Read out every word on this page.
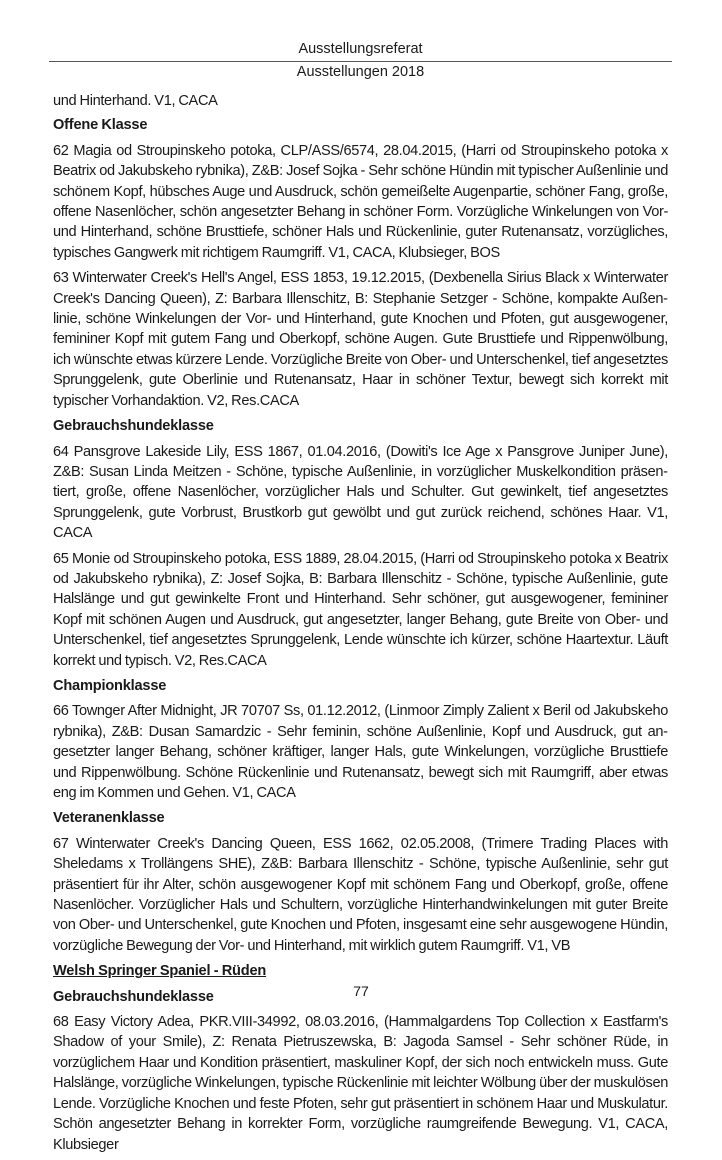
Ausstellungsreferat
Ausstellungen 2018

und Hinterhand. V1, CACA

Offene Klasse

62 Magia od Stroupinskeho potoka, CLP/ASS/6574, 28.04.2015, (Harri od Stroupinskeho potoka x Beatrix od Jakubskeho rybnika), Z&B: Josef Sojka - Sehr schöne Hündin mit typischer Außenlinie und schönem Kopf, hübsches Auge und Ausdruck, schön gemeißelte Augenpartie, schöner Fang, große, offene Nasenlöcher, schön angesetzter Behang in schöner Form. Vorzügliche Winkelungen von Vor- und Hinterhand, schöne Brusttiefe, schöner Hals und Rückenlinie, guter Rutenansatz, vorzügliches, typisches Gangwerk mit richtigem Raumgriff. V1, CACA, Klubsieger, BOS

63 Winterwater Creek's Hell's Angel, ESS 1853, 19.12.2015, (Dexbenella Sirius Black x Winterwater Creek's Dancing Queen), Z: Barbara Illenschitz, B: Stephanie Setzger - Schöne, kompakte Außenlinie, schöne Winkelungen der Vor- und Hinterhand, gute Knochen und Pfoten, gut ausgewogener, femininer Kopf mit gutem Fang und Oberkopf, schöne Augen. Gute Brusttiefe und Rippenwölbung, ich wünschte etwas kürzere Lende. Vorzügliche Breite von Ober- und Unterschenkel, tief angesetztes Sprunggelenk, gute Oberlinie und Rutenansatz, Haar in schöner Textur, bewegt sich korrekt mit typischer Vorhandaktion. V2, Res.CACA

Gebrauchshundeklasse

64 Pansgrove Lakeside Lily, ESS 1867, 01.04.2016, (Dowiti's Ice Age x Pansgrove Juniper June), Z&B: Susan Linda Meitzen - Schöne, typische Außenlinie, in vorzüglicher Muskelkondition präsentiert, große, offene Nasenlöcher, vorzüglicher Hals und Schulter. Gut gewinkelt, tief angesetztes Sprunggelenk, gute Vorbrust, Brustkorb gut gewölbt und gut zurück reichend, schönes Haar. V1, CACA

65 Monie od Stroupinskeho potoka, ESS 1889, 28.04.2015, (Harri od Stroupinskeho potoka x Beatrix od Jakubskeho rybnika), Z: Josef Sojka, B: Barbara Illenschitz - Schöne, typische Außenlinie, gute Halslänge und gut gewinkelte Front und Hinterhand. Sehr schöner, gut ausgewogener, femininer Kopf mit schönen Augen und Ausdruck, gut angesetzter, langer Behang, gute Breite von Ober- und Unterschenkel, tief angesetztes Sprunggelenk, Lende wünschte ich kürzer, schöne Haartextur. Läuft korrekt und typisch. V2, Res.CACA

Championklasse

66 Townger After Midnight, JR 70707 Ss, 01.12.2012, (Linmoor Zimply Zalient x Beril od Jakubskeho rybnika), Z&B: Dusan Samardzic - Sehr feminin, schöne Außenlinie, Kopf und Ausdruck, gut angesetzter langer Behang, schöner kräftiger, langer Hals, gute Winkelungen, vorzügliche Brusttiefe und Rippenwölbung. Schöne Rückenlinie und Rutenansatz, bewegt sich mit Raumgriff, aber etwas eng im Kommen und Gehen. V1, CACA

Veteranenklasse

67 Winterwater Creek's Dancing Queen, ESS 1662, 02.05.2008, (Trimere Trading Places with Sheledams x Trollängens SHE), Z&B: Barbara Illenschitz - Schöne, typische Außenlinie, sehr gut präsentiert für ihr Alter, schön ausgewogener Kopf mit schönem Fang und Oberkopf, große, offene Nasenlöcher. Vorzüglicher Hals und Schultern, vorzügliche Hinterhandwinkelungen mit guter Breite von Ober- und Unterschenkel, gute Knochen und Pfoten, insgesamt eine sehr ausgewogene Hündin, vorzügliche Bewegung der Vor- und Hinterhand, mit wirklich gutem Raumgriff. V1, VB

Welsh Springer Spaniel - Rüden
Gebrauchshundeklasse

68 Easy Victory Adea, PKR.VIII-34992, 08.03.2016, (Hammalgardens Top Collection x Eastfarm's Shadow of your Smile), Z: Renata Pietruszewska, B: Jagoda Samsel - Sehr schöner Rüde, in vorzüglichem Haar und Kondition präsentiert, maskuliner Kopf, der sich noch entwickeln muss. Gute Halslänge, vorzügliche Winkelungen, typische Rückenlinie mit leichter Wölbung über der muskulösen Lende. Vorzügliche Knochen und feste Pfoten, sehr gut präsentiert in schönem Haar und Muskulatur. Schön angesetzter Behang in korrekter Form, vorzügliche raumgreifende Bewegung. V1, CACA, Klubsieger

77
